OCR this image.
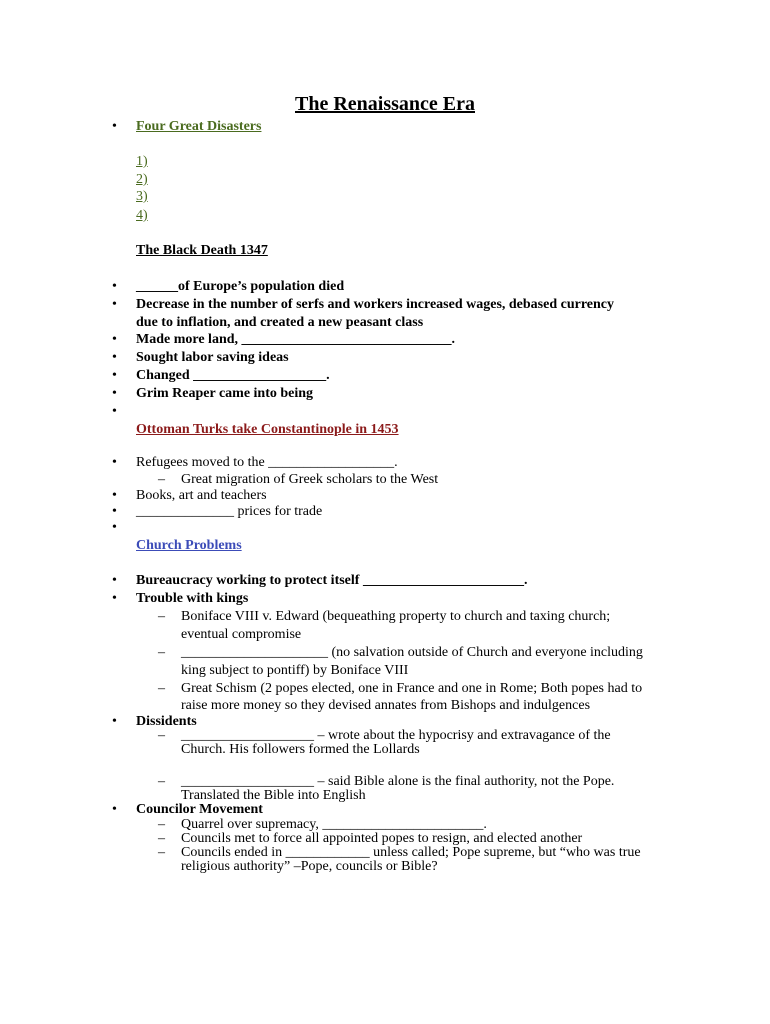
The Renaissance Era
• Four Great Disasters
1)
2)
3)
4)
The Black Death 1347
• ______of Europe’s population died
• Decrease in the number of serfs and workers increased wages, debased currency
due to inflation, and created a new peasant class
• Made more land, ______________________________.
• Sought labor saving ideas
• Changed ___________________.
• Grim Reaper came into being
•
Ottoman Turks take Constantinople in 1453
• Refugees moved to the __________________.
– Great migration of Greek scholars to the West
• Books, art and teachers
• ______________ prices for trade
•
Church Problems
• Bureaucracy working to protect itself _______________________.
• Trouble with kings
– Boniface VIII v. Edward (bequeathing property to church and taxing church;
eventual compromise
– _____________________ (no salvation outside of Church and everyone including
king subject to pontiff) by Boniface VIII
– Great Schism (2 popes elected, one in France and one in Rome; Both popes had to
raise more money so they devised annates from Bishops and indulgences
• Dissidents
– ___________________ – wrote about the hypocrisy and extravagance of the
Church. His followers formed the Lollards
– ___________________ – said Bible alone is the final authority, not the Pope.
Translated the Bible into English
• Councilor Movement
– Quarrel over supremacy, _______________________.
– Councils met to force all appointed popes to resign, and elected another
– Councils ended in ____________ unless called; Pope supreme, but “who was true
religious authority” –Pope, councils or Bible?
